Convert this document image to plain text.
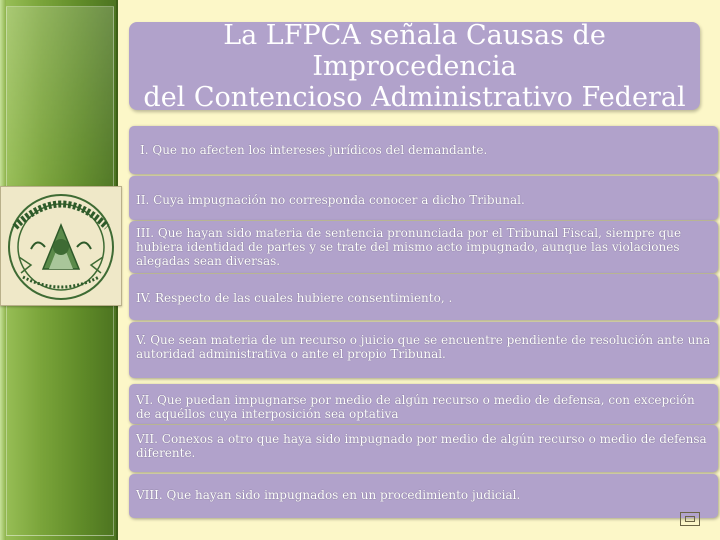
La LFPCA señala Causas de Improcedencia
del Contencioso Administrativo Federal
I. Que no afecten los intereses jurídicos del demandante.
II. Cuya impugnación no corresponda conocer a dicho Tribunal.
III. Que hayan sido materia de sentencia pronunciada por el Tribunal Fiscal, siempre que hubiera identidad de partes y se trate del mismo acto impugnado, aunque las violaciones alegadas sean diversas.
IV. Respecto de las cuales hubiere consentimiento, .
V. Que sean materia de un recurso o juicio que se encuentre pendiente de resolución ante una autoridad administrativa o ante el propio Tribunal.
VI. Que puedan impugnarse por medio de algún recurso o medio de defensa, con excepción de aquéllos cuya interposición sea optativa
VII. Conexos a otro que haya sido impugnado por medio de algún recurso o medio de defensa diferente.
VIII. Que hayan sido impugnados en un procedimiento judicial.
